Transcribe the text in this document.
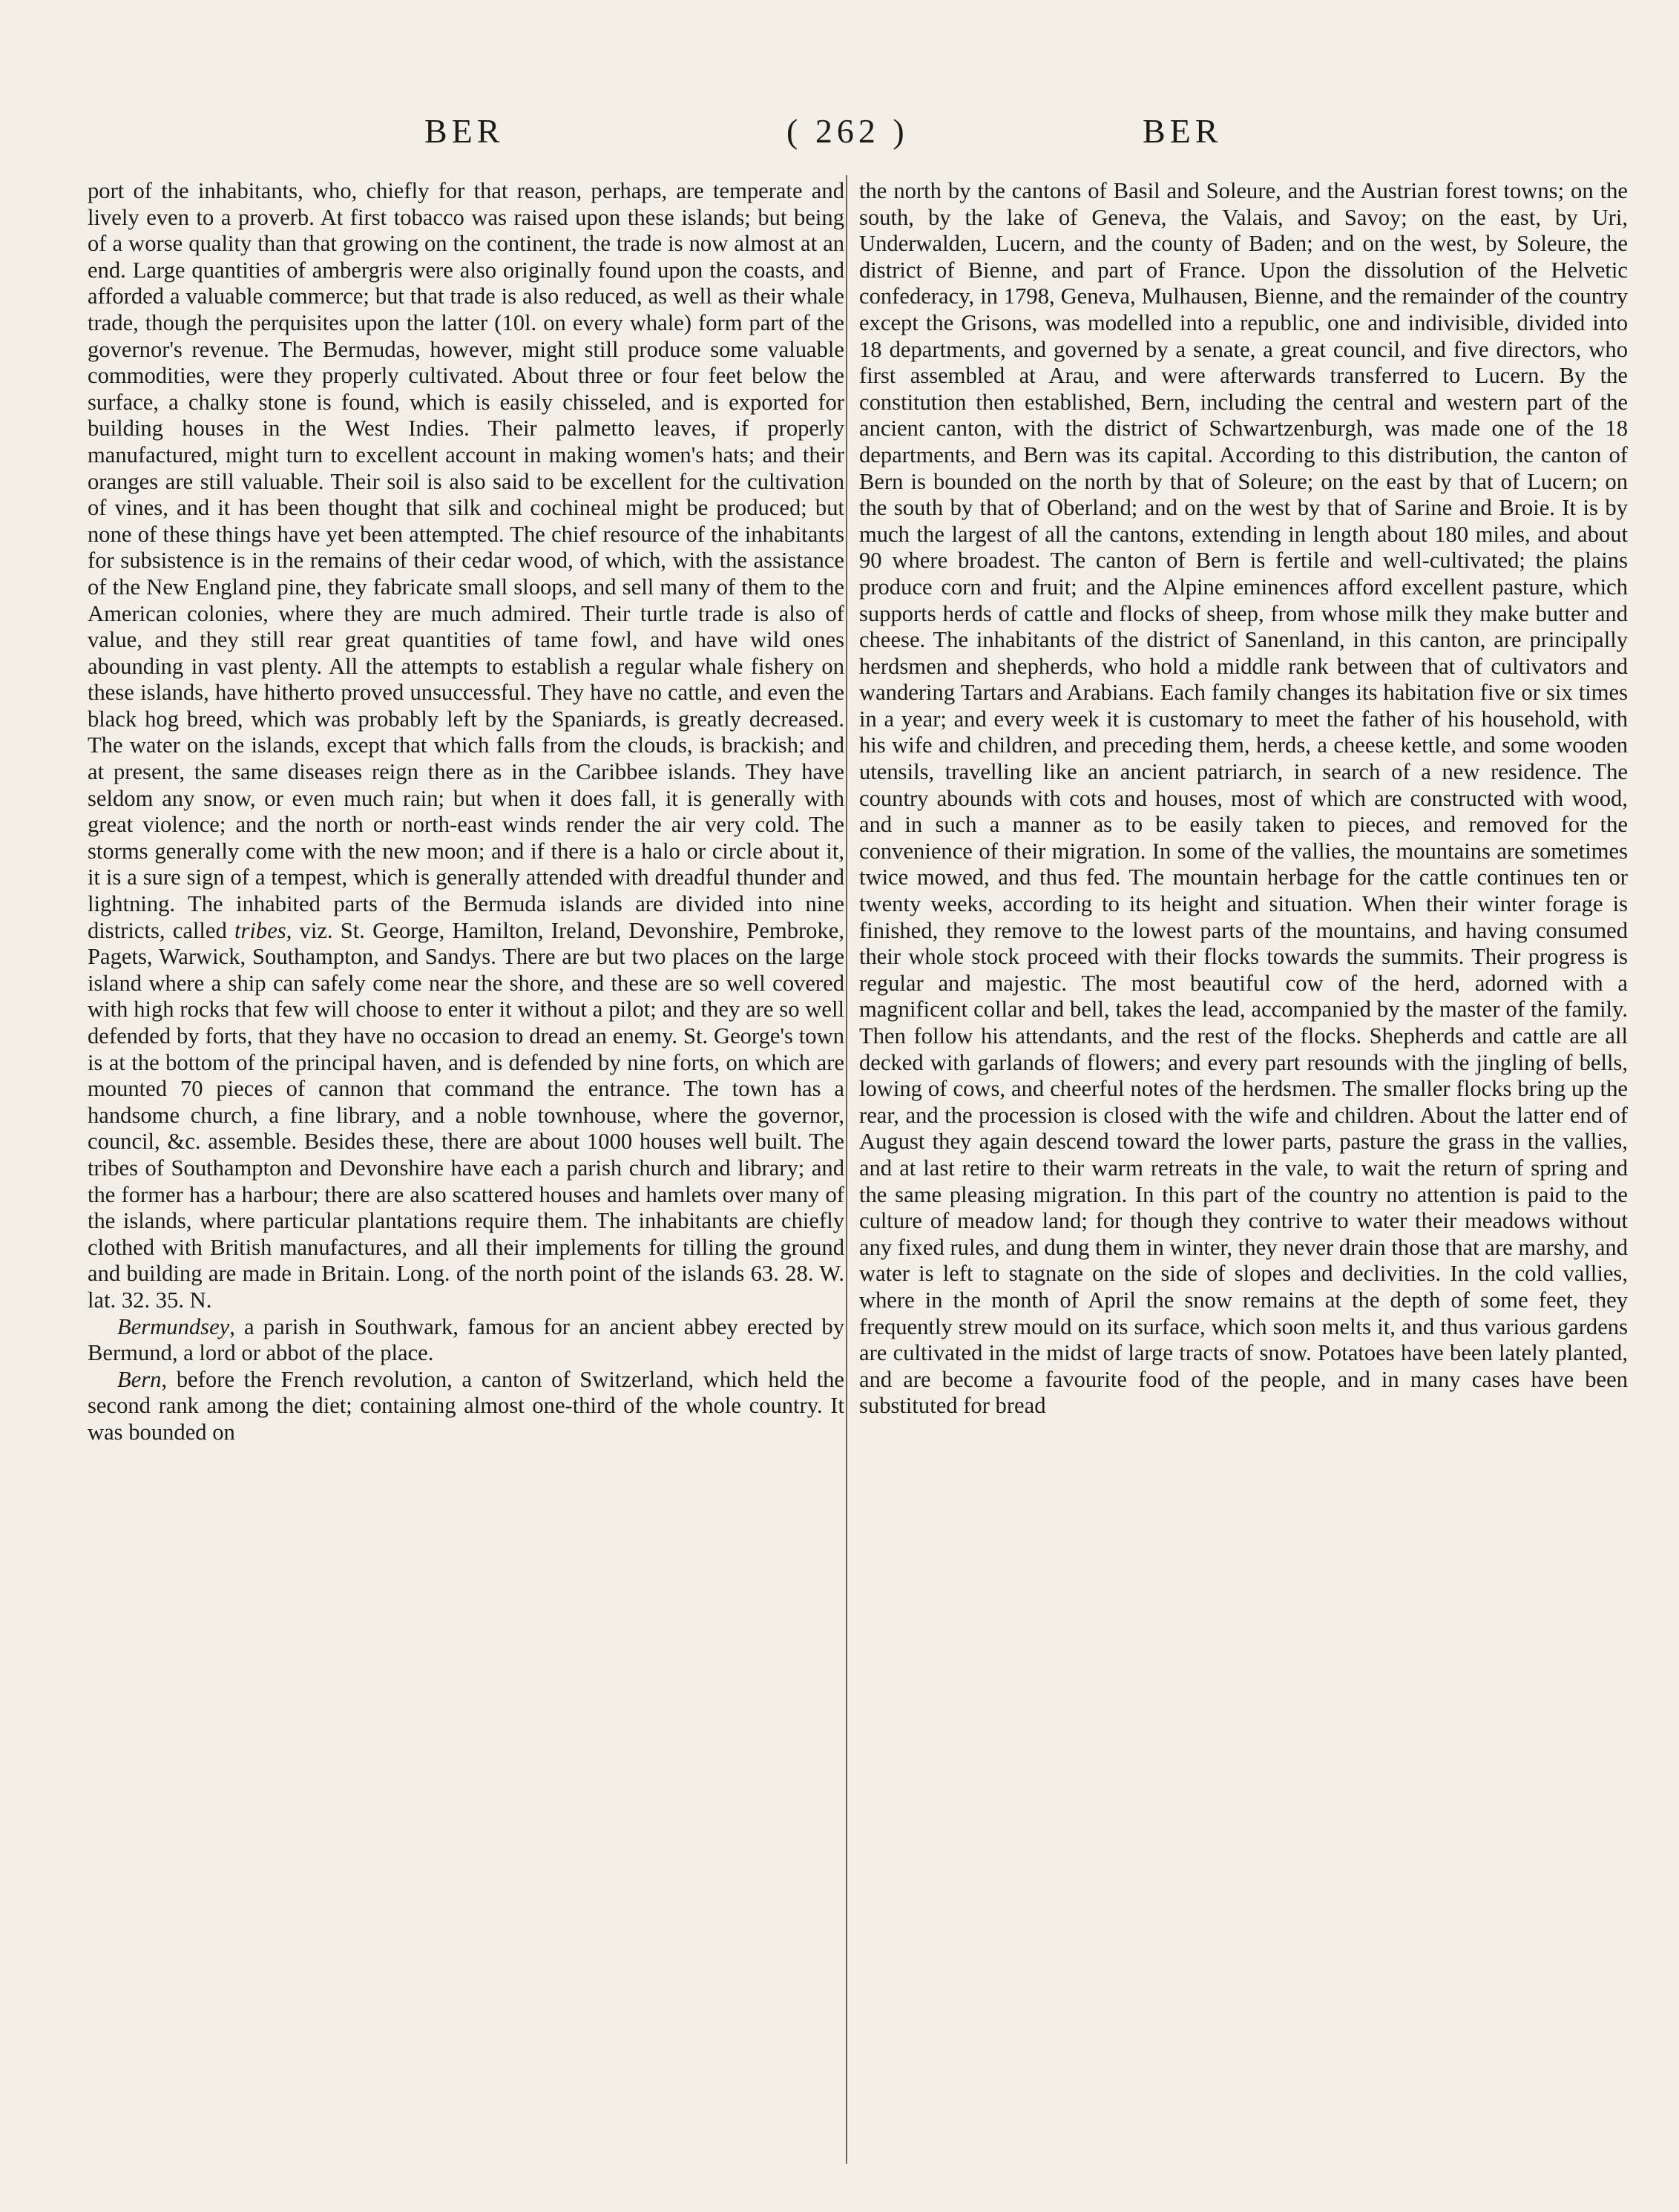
BER	( 262 )	BER

port of the inhabitants, who, chiefly for that reason, perhaps, are temperate and lively even to a proverb. At first tobacco was raised upon these islands; but being of a worse quality than that growing on the continent, the trade is now almost at an end. Large quantities of ambergris were also originally found upon the coasts, and afforded a valuable commerce; but that trade is also reduced, as well as their whale trade, though the perquisites upon the latter (10l. on every whale) form part of the governor's revenue. The Bermudas, however, might still produce some valuable commodities, were they properly cultivated. About three or four feet below the surface, a chalky stone is found, which is easily chisseled, and is exported for building houses in the West Indies. Their palmetto leaves, if properly manufactured, might turn to excellent account in making women's hats; and their oranges are still valuable. Their soil is also said to be excellent for the cultivation of vines, and it has been thought that silk and cochineal might be produced; but none of these things have yet been attempted. The chief resource of the inhabitants for subsistence is in the remains of their cedar wood, of which, with the assistance of the New England pine, they fabricate small sloops, and sell many of them to the American colonies, where they are much admired. Their turtle trade is also of value, and they still rear great quantities of tame fowl, and have wild ones abounding in vast plenty. All the attempts to establish a regular whale fishery on these islands, have hitherto proved unsuccessful. They have no cattle, and even the black hog breed, which was probably left by the Spaniards, is greatly decreased. The water on the islands, except that which falls from the clouds, is brackish; and at present, the same diseases reign there as in the Caribbee islands. They have seldom any snow, or even much rain; but when it does fall, it is generally with great violence; and the north or north-east winds render the air very cold. The storms generally come with the new moon; and if there is a halo or circle about it, it is a sure sign of a tempest, which is generally attended with dreadful thunder and lightning. The inhabited parts of the Bermuda islands are divided into nine districts, called tribes, viz. St. George, Hamilton, Ireland, Devonshire, Pembroke, Pagets, Warwick, Southampton, and Sandys. There are but two places on the large island where a ship can safely come near the shore, and these are so well covered with high rocks that few will choose to enter it without a pilot; and they are so well defended by forts, that they have no occasion to dread an enemy. St. George's town is at the bottom of the principal haven, and is defended by nine forts, on which are mounted 70 pieces of cannon that command the entrance. The town has a handsome church, a fine library, and a noble townhouse, where the governor, council, &c. assemble. Besides these, there are about 1000 houses well built. The tribes of Southampton and Devonshire have each a parish church and library; and the former has a harbour; there are also scattered houses and hamlets over many of the islands, where particular plantations require them. The inhabitants are chiefly clothed with British manufactures, and all their implements for tilling the ground and building are made in Britain. Long. of the north point of the islands 63. 28. W. lat. 32. 35. N.

Bermundsey, a parish in Southwark, famous for an ancient abbey erected by Bermund, a lord or abbot of the place.

Bern, before the French revolution, a canton of Switzerland, which held the second rank among the diet; containing almost one-third of the whole country. It was bounded on

the north by the cantons of Basil and Soleure, and the Austrian forest towns; on the south, by the lake of Geneva, the Valais, and Savoy; on the east, by Uri, Underwalden, Lucern, and the county of Baden; and on the west, by Soleure, the district of Bienne, and part of France. Upon the dissolution of the Helvetic confederacy, in 1798, Geneva, Mulhausen, Bienne, and the remainder of the country except the Grisons, was modelled into a republic, one and indivisible, divided into 18 departments, and governed by a senate, a great council, and five directors, who first assembled at Arau, and were afterwards transferred to Lucern. By the constitution then established, Bern, including the central and western part of the ancient canton, with the district of Schwartzenburgh, was made one of the 18 departments, and Bern was its capital. According to this distribution, the canton of Bern is bounded on the north by that of Soleure; on the east by that of Lucern; on the south by that of Oberland; and on the west by that of Sarine and Broie. It is by much the largest of all the cantons, extending in length about 180 miles, and about 90 where broadest. The canton of Bern is fertile and well-cultivated; the plains produce corn and fruit; and the Alpine eminences afford excellent pasture, which supports herds of cattle and flocks of sheep, from whose milk they make butter and cheese. The inhabitants of the district of Sanenland, in this canton, are principally herdsmen and shepherds, who hold a middle rank between that of cultivators and wandering Tartars and Arabians. Each family changes its habitation five or six times in a year; and every week it is customary to meet the father of his household, with his wife and children, and preceding them, herds, a cheese kettle, and some wooden utensils, travelling like an ancient patriarch, in search of a new residence. The country abounds with cots and houses, most of which are constructed with wood, and in such a manner as to be easily taken to pieces, and removed for the convenience of their migration. In some of the vallies, the mountains are sometimes twice mowed, and thus fed. The mountain herbage for the cattle continues ten or twenty weeks, according to its height and situation. When their winter forage is finished, they remove to the lowest parts of the mountains, and having consumed their whole stock proceed with their flocks towards the summits. Their progress is regular and majestic. The most beautiful cow of the herd, adorned with a magnificent collar and bell, takes the lead, accompanied by the master of the family. Then follow his attendants, and the rest of the flocks. Shepherds and cattle are all decked with garlands of flowers; and every part resounds with the jingling of bells, lowing of cows, and cheerful notes of the herdsmen. The smaller flocks bring up the rear, and the procession is closed with the wife and children. About the latter end of August they again descend toward the lower parts, pasture the grass in the vallies, and at last retire to their warm retreats in the vale, to wait the return of spring and the same pleasing migration. In this part of the country no attention is paid to the culture of meadow land; for though they contrive to water their meadows without any fixed rules, and dung them in winter, they never drain those that are marshy, and water is left to stagnate on the side of slopes and declivities. In the cold vallies, where in the month of April the snow remains at the depth of some feet, they frequently strew mould on its surface, which soon melts it, and thus various gardens are cultivated in the midst of large tracts of snow. Potatoes have been lately planted, and are become a favourite food of the people, and in many cases have been substituted for bread
